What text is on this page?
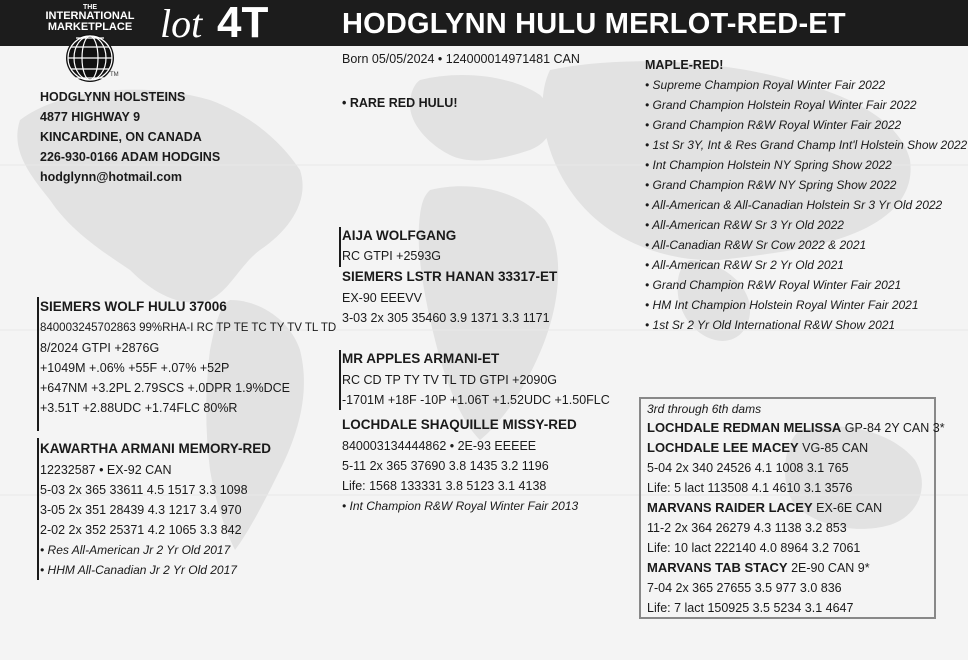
THE
INTERNATIONAL
MARKETPLACE
TM
lot 4T	HODGLYNN HULU MERLOT-RED-ET
HODGLYNN HOLSTEINS
4877 HIGHWAY 9
KINCARDINE, ON CANADA
226-930-0166 ADAM HODGINS
hodglynn@hotmail.com
Born 05/05/2024 • 124000014971481 CAN
• RARE RED HULU!
SIEMERS WOLF HULU 37006
840003245702863 99%RHA-I RC TP TE TC TY TV TL TD
8/2024 GTPI +2876G
+1049M +.06% +55F +.07% +52P
+647NM +3.2PL 2.79SCS +.0DPR 1.9%DCE
+3.51T +2.88UDC +1.74FLC 80%R
KAWARTHA ARMANI MEMORY-RED
12232587 • EX-92 CAN
5-03 2x 365 33611 4.5 1517 3.3 1098
3-05 2x 351 28439 4.3 1217 3.4 970
2-02 2x 352 25371 4.2 1065 3.3 842
• Res All-American Jr 2 Yr Old 2017
• HHM All-Canadian Jr 2 Yr Old 2017
AIJA WOLFGANG
RC GTPI +2593G
SIEMERS LSTR HANAN 33317-ET
EX-90 EEEVV
3-03 2x 305 35460 3.9 1371 3.3 1171
MR APPLES ARMANI-ET
RC CD TP TY TV TL TD GTPI +2090G
-1701M +18F -10P +1.06T +1.52UDC +1.50FLC
LOCHDALE SHAQUILLE MISSY-RED
840003134444862 • 2E-93 EEEEE
5-11 2x 365 37690 3.8 1435 3.2 1196
Life: 1568 133331 3.8 5123 3.1 4138
• Int Champion R&W Royal Winter Fair 2013
MAPLE-RED!
• Supreme Champion Royal Winter Fair 2022
• Grand Champion Holstein Royal Winter Fair 2022
• Grand Champion R&W Royal Winter Fair 2022
• 1st Sr 3Y, Int & Res Grand Champ Int'l Holstein Show 2022
• Int Champion Holstein NY Spring Show 2022
• Grand Champion R&W NY Spring Show 2022
• All-American & All-Canadian Holstein Sr 3 Yr Old 2022
• All-American R&W Sr 3 Yr Old 2022
• All-Canadian R&W Sr Cow 2022 & 2021
• All-American R&W Sr 2 Yr Old 2021
• Grand Champion R&W Royal Winter Fair 2021
• HM Int Champion Holstein Royal Winter Fair 2021
• 1st Sr 2 Yr Old International R&W Show 2021
3rd through 6th dams
LOCHDALE REDMAN MELISSA GP-84 2Y CAN 3*
LOCHDALE LEE MACEY VG-85 CAN
5-04 2x 340 24526 4.1 1008 3.1 765
Life: 5 lact 113508 4.1 4610 3.1 3576
MARVANS RAIDER LACEY EX-6E CAN
11-2 2x 364 26279 4.3 1138 3.2 853
Life: 10 lact 222140 4.0 8964 3.2 7061
MARVANS TAB STACY 2E-90 CAN 9*
7-04 2x 365 27655 3.5 977 3.0 836
Life: 7 lact 150925 3.5 5234 3.1 4647
